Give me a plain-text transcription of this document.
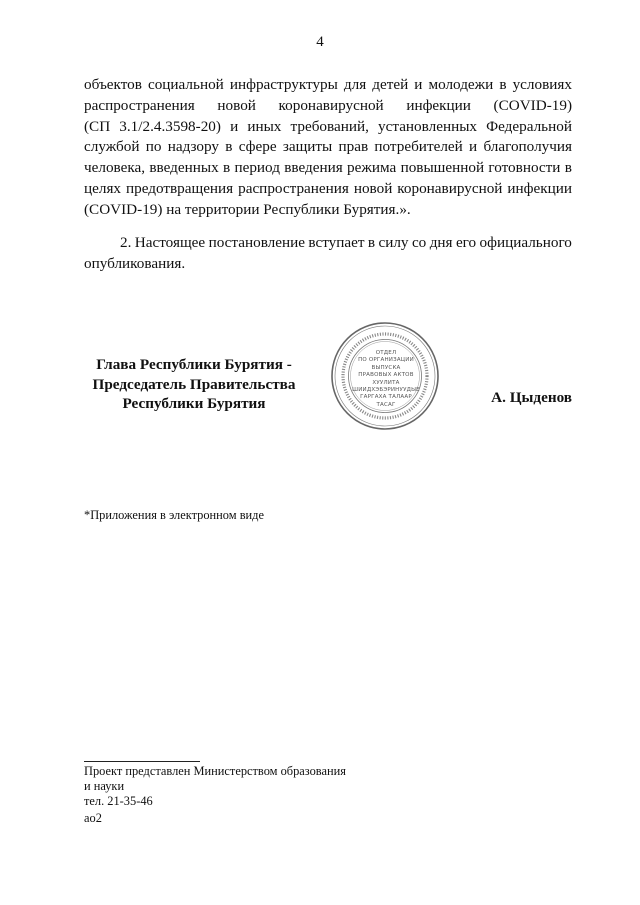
4
объектов социальной инфраструктуры для детей и молодежи в условиях
распространения новой коронавирусной инфекции (COVID-19)
(СП 3.1/2.4.3598-20) и иных требований, установленных Федеральной
службой по надзору в сфере защиты прав потребителей и благополучия
человека, введенных в период введения режима повышенной готовности в
целях предотвращения распространения новой коронавирусной инфекции
(COVID-19) на территории Республики Бурятия.».
2. Настоящее постановление вступает в силу со дня его официального
опубликования.
Глава Республики Бурятия -
Председатель Правительства
Республики Бурятия
ОТДЕЛ
ПО ОРГАНИЗАЦИИ
ВЫПУСКА
ПРАВОВЫХ АКТОВ
ХУУЛИТА
ШИИДХЭБЭРИНУУДЫЕ
ГАРГАХА ТАЛААР
ТАСАГ	А. Цыденов
*Приложения в электронном виде
Проект представлен Министерством образования
и науки
тел. 21-35-46
ао2
